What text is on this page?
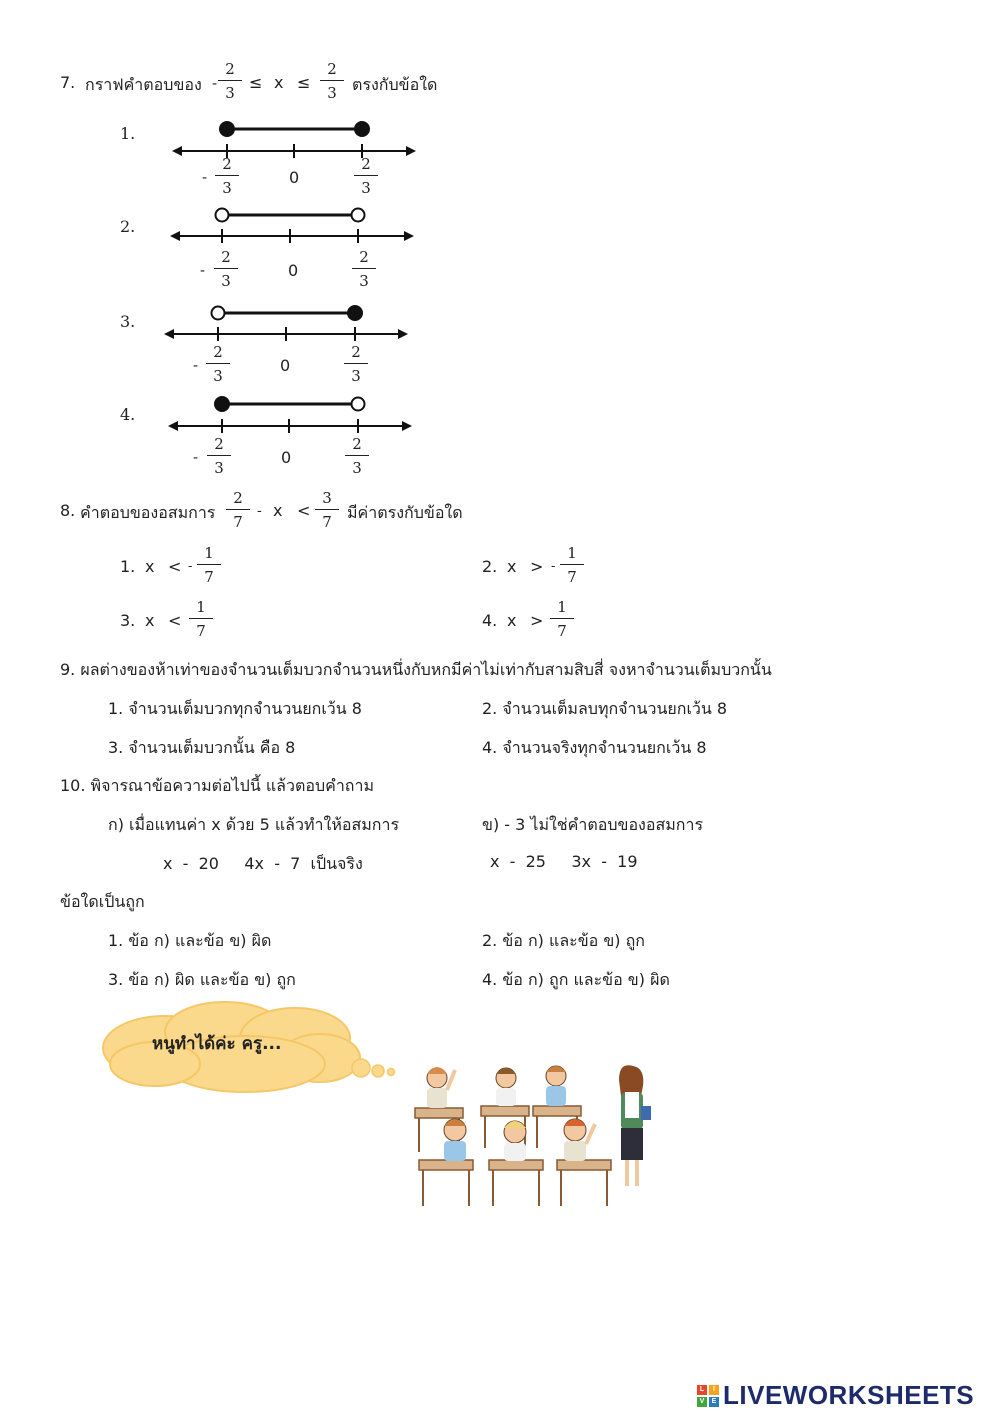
7. กราฟคำตอบของ - $\frac{2}{3} \le x \le \frac{2}{3}$ ตรงกับข้อใด
1.
- $\frac{2}{3}$	0	$\frac{2}{3}$
2.
- $\frac{2}{3}$	0	$\frac{2}{3}$
3.
- $\frac{2}{3}$	0	$\frac{2}{3}$
4.
- $\frac{2}{3}$	0	$\frac{2}{3}$
8. คำตอบของอสมการ $\frac{2}{7} - x < \frac{3}{7}$ มีค่าตรงกับข้อใด
1. x < - $\frac{1}{7}$	2. x > - $\frac{1}{7}$
3. $x < \frac{1}{7}$	4. $x > \frac{1}{7}$
9. ผลต่างของห้าเท่าของจำนวนเต็มบวกจำนวนหนึ่งกับหกมีค่าไม่เท่ากับสามสิบสี่ จงหาจำนวนเต็มบวกนั้น
1. จำนวนเต็มบวกทุกจำนวนยกเว้น 8	2. จำนวนเต็มลบทุกจำนวนยกเว้น 8
3. จำนวนเต็มบวกนั้น คือ 8	4. จำนวนจริงทุกจำนวนยกเว้น 8
10. พิจารณาข้อความต่อไปนี้ แล้วตอบคำถาม
ก) เมื่อแทนค่า x ด้วย 5 แล้วทำให้อสมการ	ข) - 3 ไม่ใช่คำตอบของอสมการ
x  -  20     4x  -  7  เป็นจริง	x  -  25     3x  -  19
ข้อใดเป็นถูก
1. ข้อ ก) และข้อ ข) ผิด	2. ข้อ ก) และข้อ ข) ถูก
3. ข้อ ก) ผิด และข้อ ข) ถูก	4. ข้อ ก) ถูก และข้อ ข) ผิด
หนูทำได้ค่ะ ครู...
L	I
V	E LIVEWORKSHEETS
